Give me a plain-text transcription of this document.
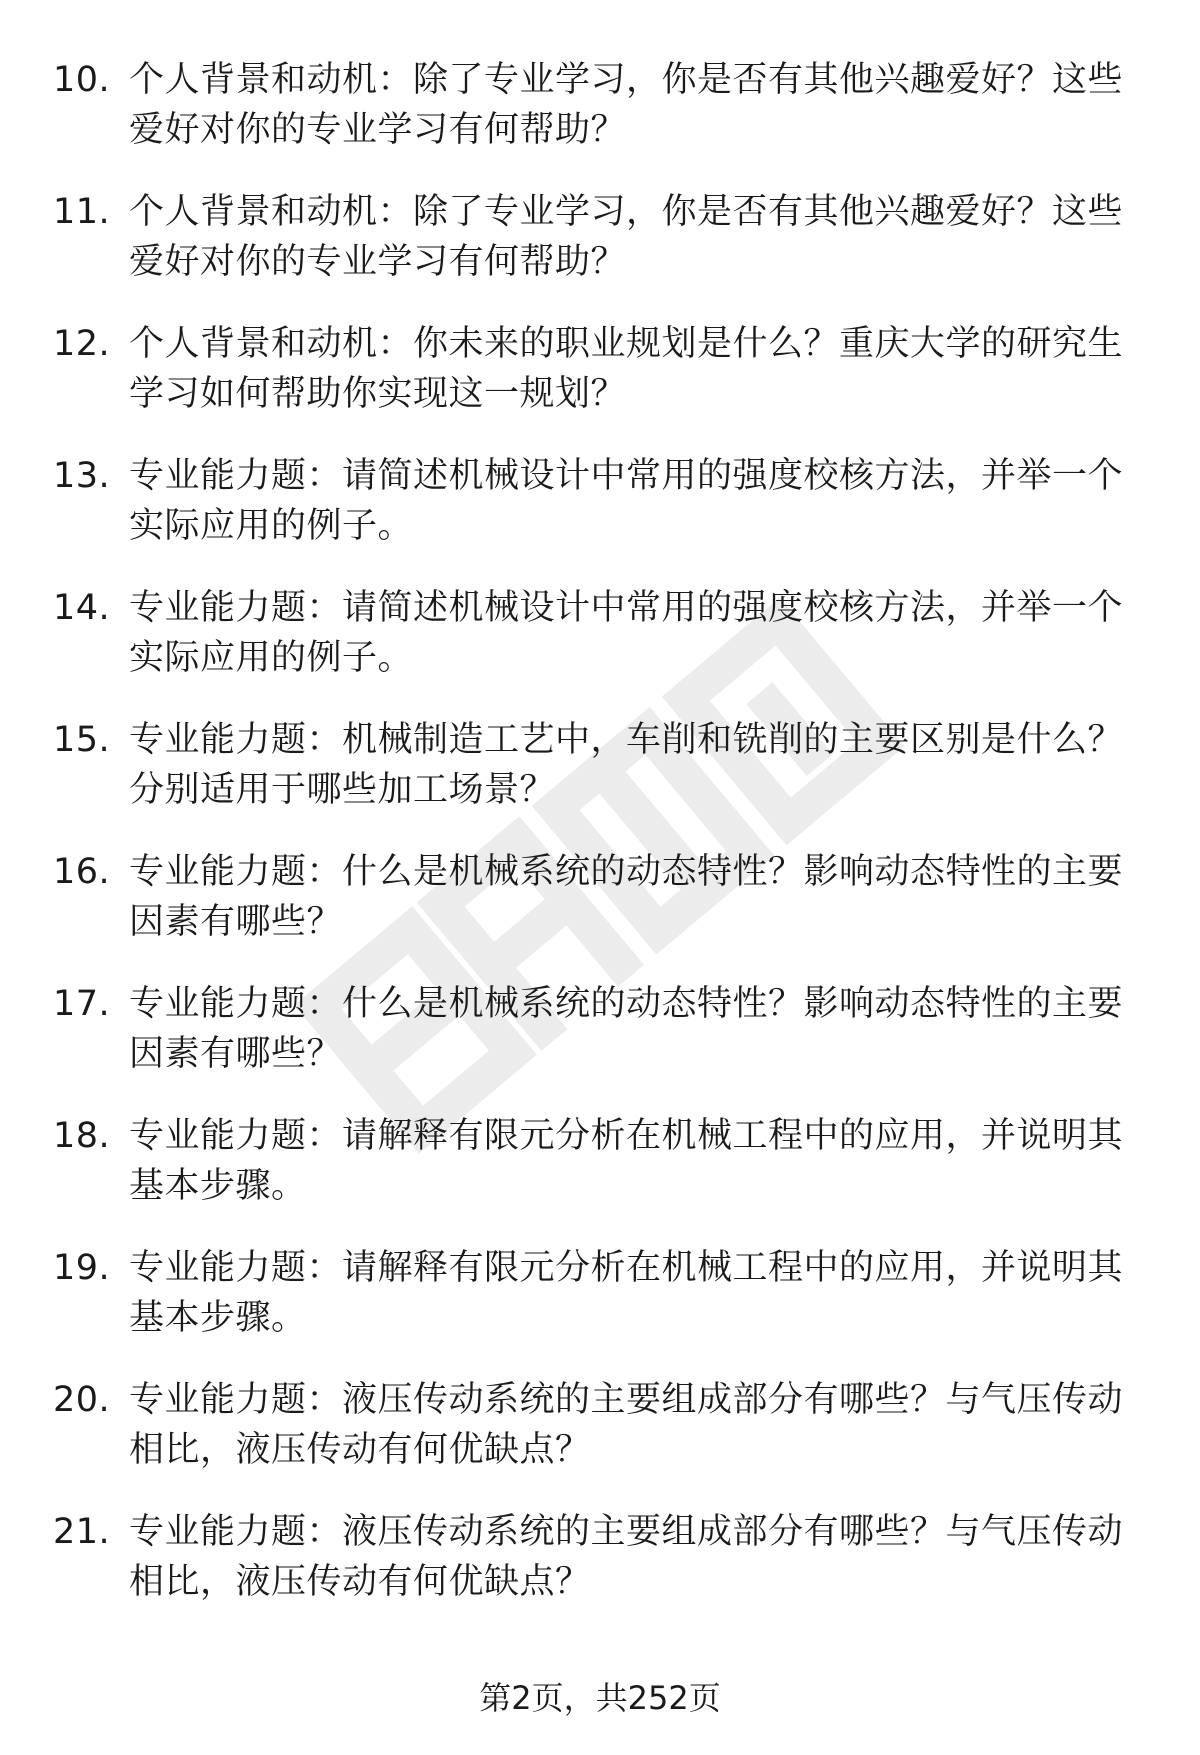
10. 个人背景和动机：除了专业学习，你是否有其他兴趣爱好？这些爱好对你的专业学习有何帮助？
11. 个人背景和动机：除了专业学习，你是否有其他兴趣爱好？这些爱好对你的专业学习有何帮助？
12. 个人背景和动机：你未来的职业规划是什么？重庆大学的研究生学习如何帮助你实现这一规划？
13. 专业能力题：请简述机械设计中常用的强度校核方法，并举一个实际应用的例子。
14. 专业能力题：请简述机械设计中常用的强度校核方法，并举一个实际应用的例子。
15. 专业能力题：机械制造工艺中，车削和铣削的主要区别是什么？分别适用于哪些加工场景？
16. 专业能力题：什么是机械系统的动态特性？影响动态特性的主要因素有哪些？
17. 专业能力题：什么是机械系统的动态特性？影响动态特性的主要因素有哪些？
18. 专业能力题：请解释有限元分析在机械工程中的应用，并说明其基本步骤。
19. 专业能力题：请解释有限元分析在机械工程中的应用，并说明其基本步骤。
20. 专业能力题：液压传动系统的主要组成部分有哪些？与气压传动相比，液压传动有何优缺点？
21. 专业能力题：液压传动系统的主要组成部分有哪些？与气压传动相比，液压传动有何优缺点？
第2页，共252页
